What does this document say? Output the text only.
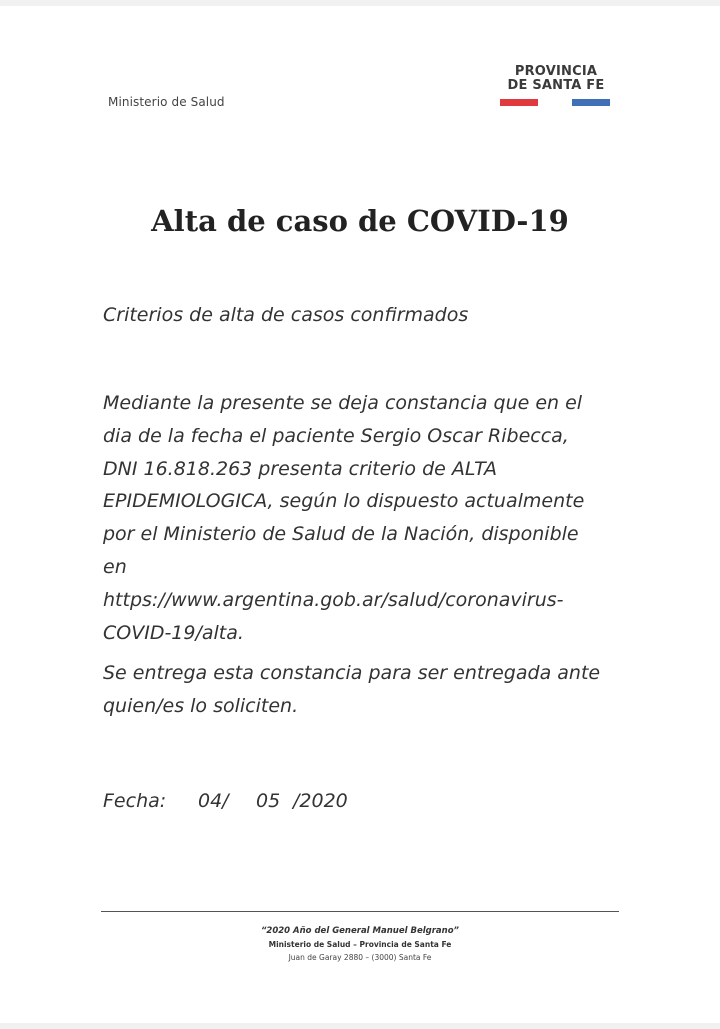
Ministerio de Salud
PROVINCIA
DE SANTA FE
Alta de caso de COVID-19
Criterios de alta de casos confirmados

Mediante la presente se deja constancia que en el
dia de la fecha el paciente Sergio Oscar Ribecca,
DNI 16.818.263 presenta criterio de ALTA
EPIDEMIOLOGICA, según lo dispuesto actualmente
por el Ministerio de Salud de la Nación, disponible
en
https://www.argentina.gob.ar/salud/coronavirus-
COVID-19/alta.

Se entrega esta constancia para ser entregada ante
quien/es lo soliciten.

Fecha: 04/ 05 /2020
“2020 Año del General Manuel Belgrano”
Ministerio de Salud – Provincia de Santa Fe
Juan de Garay 2880 – (3000) Santa Fe
